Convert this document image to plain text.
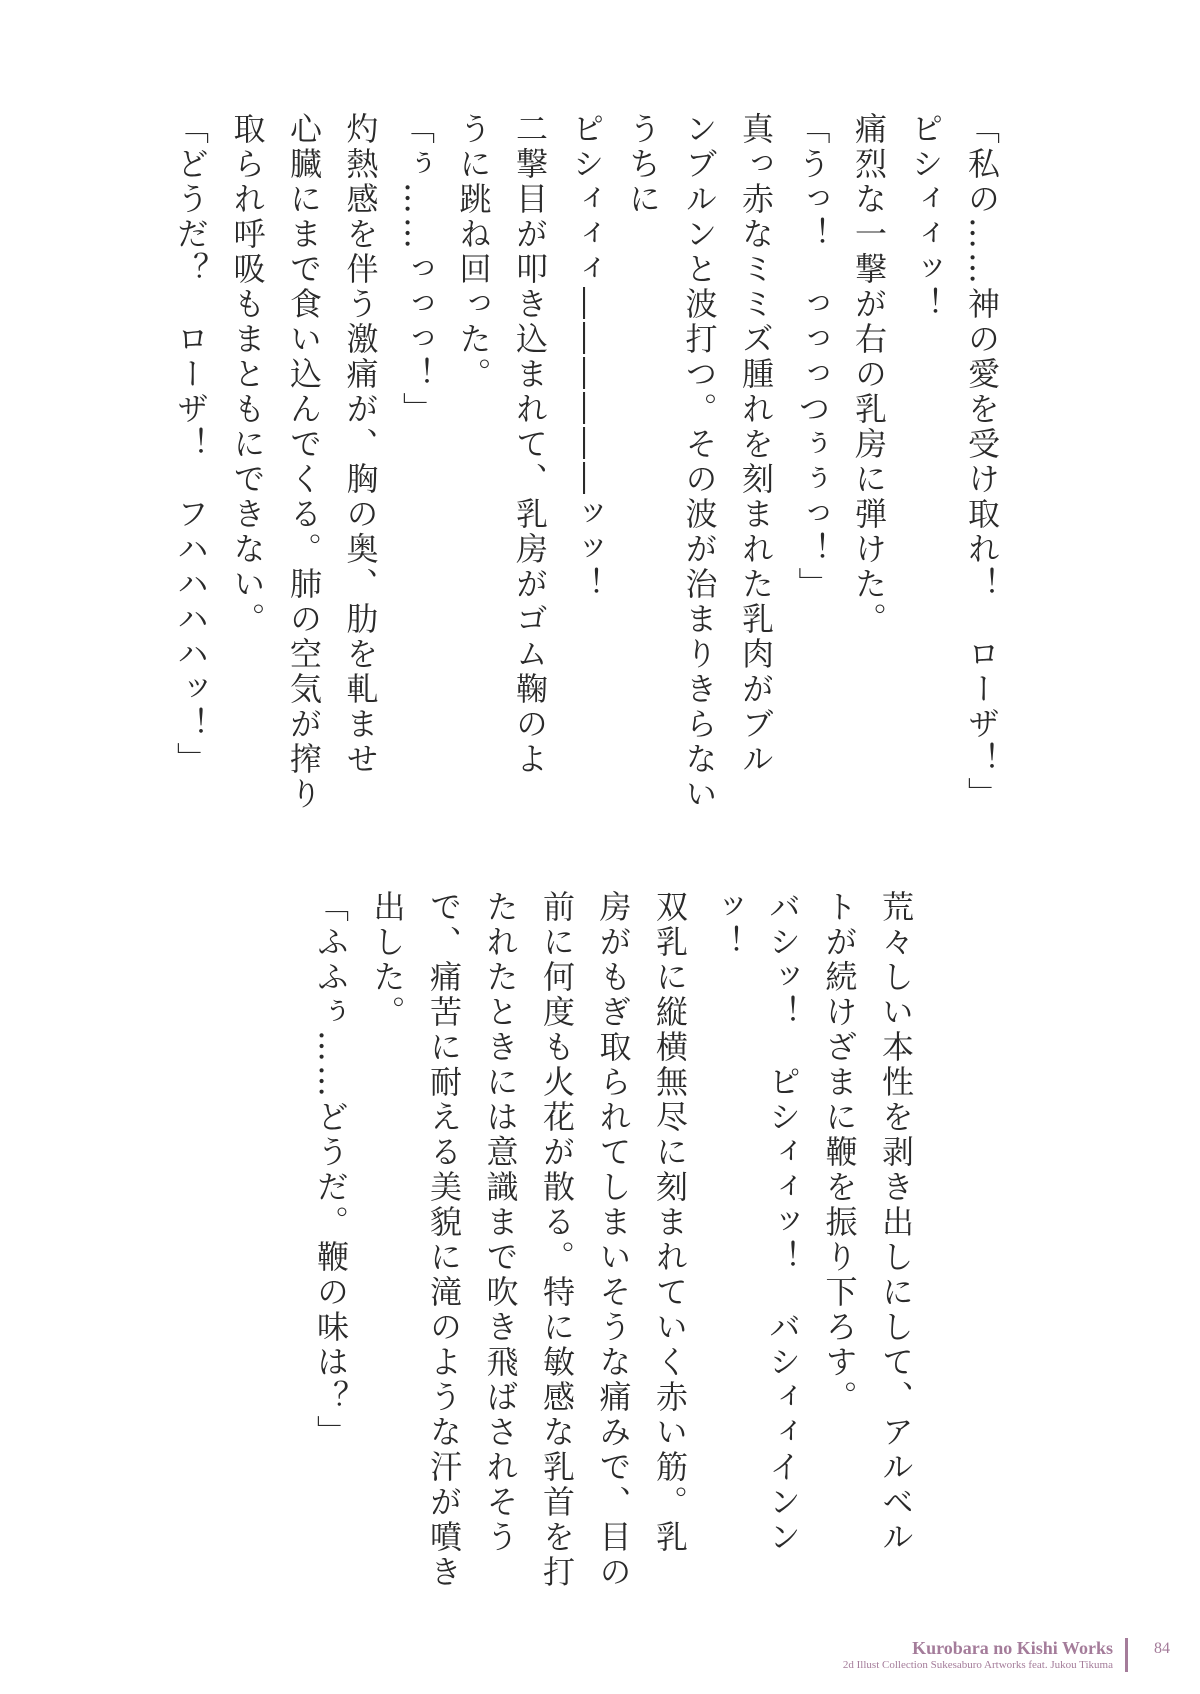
「私の……神の愛を受け取れ！　ローザ！」
ピシィィッ！
痛烈な一撃が右の乳房に弾けた。
「うっ！　っっっつぅぅっ！」
真っ赤なミミズ腫れを刻まれた乳肉がブル
ンブルンと波打つ。その波が治まりきらない
うちに
ピシィィィ――――――ッッ！
二撃目が叩き込まれて、乳房がゴム鞠のよ
うに跳ね回った。
「ぅ……っっっ！」
灼熱感を伴う激痛が、胸の奥、肋を軋ませ
心臓にまで食い込んでくる。肺の空気が搾り
取られ呼吸もまともにできない。
「どうだ？　ローザ！　フハハハハッ！」
荒々しい本性を剥き出しにして、アルベル
トが続けざまに鞭を振り下ろす。
バシッ！　ピシィィッ！　バシィィインン
ッ！
双乳に縦横無尽に刻まれていく赤い筋。乳
房がもぎ取られてしまいそうな痛みで、目の
前に何度も火花が散る。特に敏感な乳首を打
たれたときには意識まで吹き飛ばされそう
で、痛苦に耐える美貌に滝のような汗が噴き
出した。
「ふふぅ……どうだ。鞭の味は？」
Kurobara no Kishi Works
2d Illust Collection Sukesaburo Artworks feat. Jukou Tikuma
84
